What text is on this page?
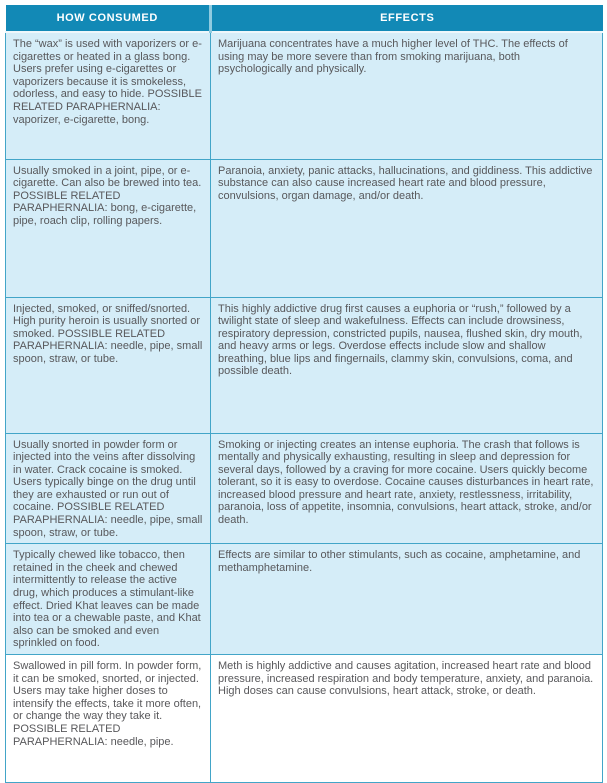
HOW CONSUMED	EFFECTS
The “wax” is used with vaporizers or e-cigarettes or heated in a glass bong. Users prefer using e-cigarettes or vaporizers because it is smokeless, odorless, and easy to hide. POSSIBLE RELATED PARAPHERNALIA: vaporizer, e-cigarette, bong.	Marijuana concentrates have a much higher level of THC. The effects of using may be more severe than from smoking marijuana, both psychologically and physically.
Usually smoked in a joint, pipe, or e-cigarette. Can also be brewed into tea. POSSIBLE RELATED PARAPHERNALIA: bong, e-cigarette, pipe, roach clip, rolling papers.	Paranoia, anxiety, panic attacks, hallucinations, and giddiness. This addictive substance can also cause increased heart rate and blood pressure, convulsions, organ damage, and/or death.
Injected, smoked, or sniffed/snorted. High purity heroin is usually snorted or smoked. POSSIBLE RELATED PARAPHERNALIA: needle, pipe, small spoon, straw, or tube.	This highly addictive drug first causes a euphoria or “rush,” followed by a twilight state of sleep and wakefulness. Effects can include drowsiness, respiratory depression, constricted pupils, nausea, flushed skin, dry mouth, and heavy arms or legs. Overdose effects include slow and shallow breathing, blue lips and fingernails, clammy skin, convulsions, coma, and possible death.
Usually snorted in powder form or injected into the veins after dissolving in water. Crack cocaine is smoked. Users typically binge on the drug until they are exhausted or run out of cocaine. POSSIBLE RELATED PARAPHERNALIA: needle, pipe, small spoon, straw, or tube.	Smoking or injecting creates an intense euphoria. The crash that follows is mentally and physically exhausting, resulting in sleep and depression for several days, followed by a craving for more cocaine. Users quickly become tolerant, so it is easy to overdose. Cocaine causes disturbances in heart rate, increased blood pressure and heart rate, anxiety, restlessness, irritability, paranoia, loss of appetite, insomnia, convulsions, heart attack, stroke, and/or death.
Typically chewed like tobacco, then retained in the cheek and chewed intermittently to release the active drug, which produces a stimulant-like effect. Dried Khat leaves can be made into tea or a chewable paste, and Khat also can be smoked and even sprinkled on food.	Effects are similar to other stimulants, such as cocaine, amphetamine, and methamphetamine.
Swallowed in pill form. In powder form, it can be smoked, snorted, or injected. Users may take higher doses to intensify the effects, take it more often, or change the way they take it. POSSIBLE RELATED PARAPHERNALIA: needle, pipe.	Meth is highly addictive and causes agitation, increased heart rate and blood pressure, increased respiration and body temperature, anxiety, and paranoia. High doses can cause convulsions, heart attack, stroke, or death.
